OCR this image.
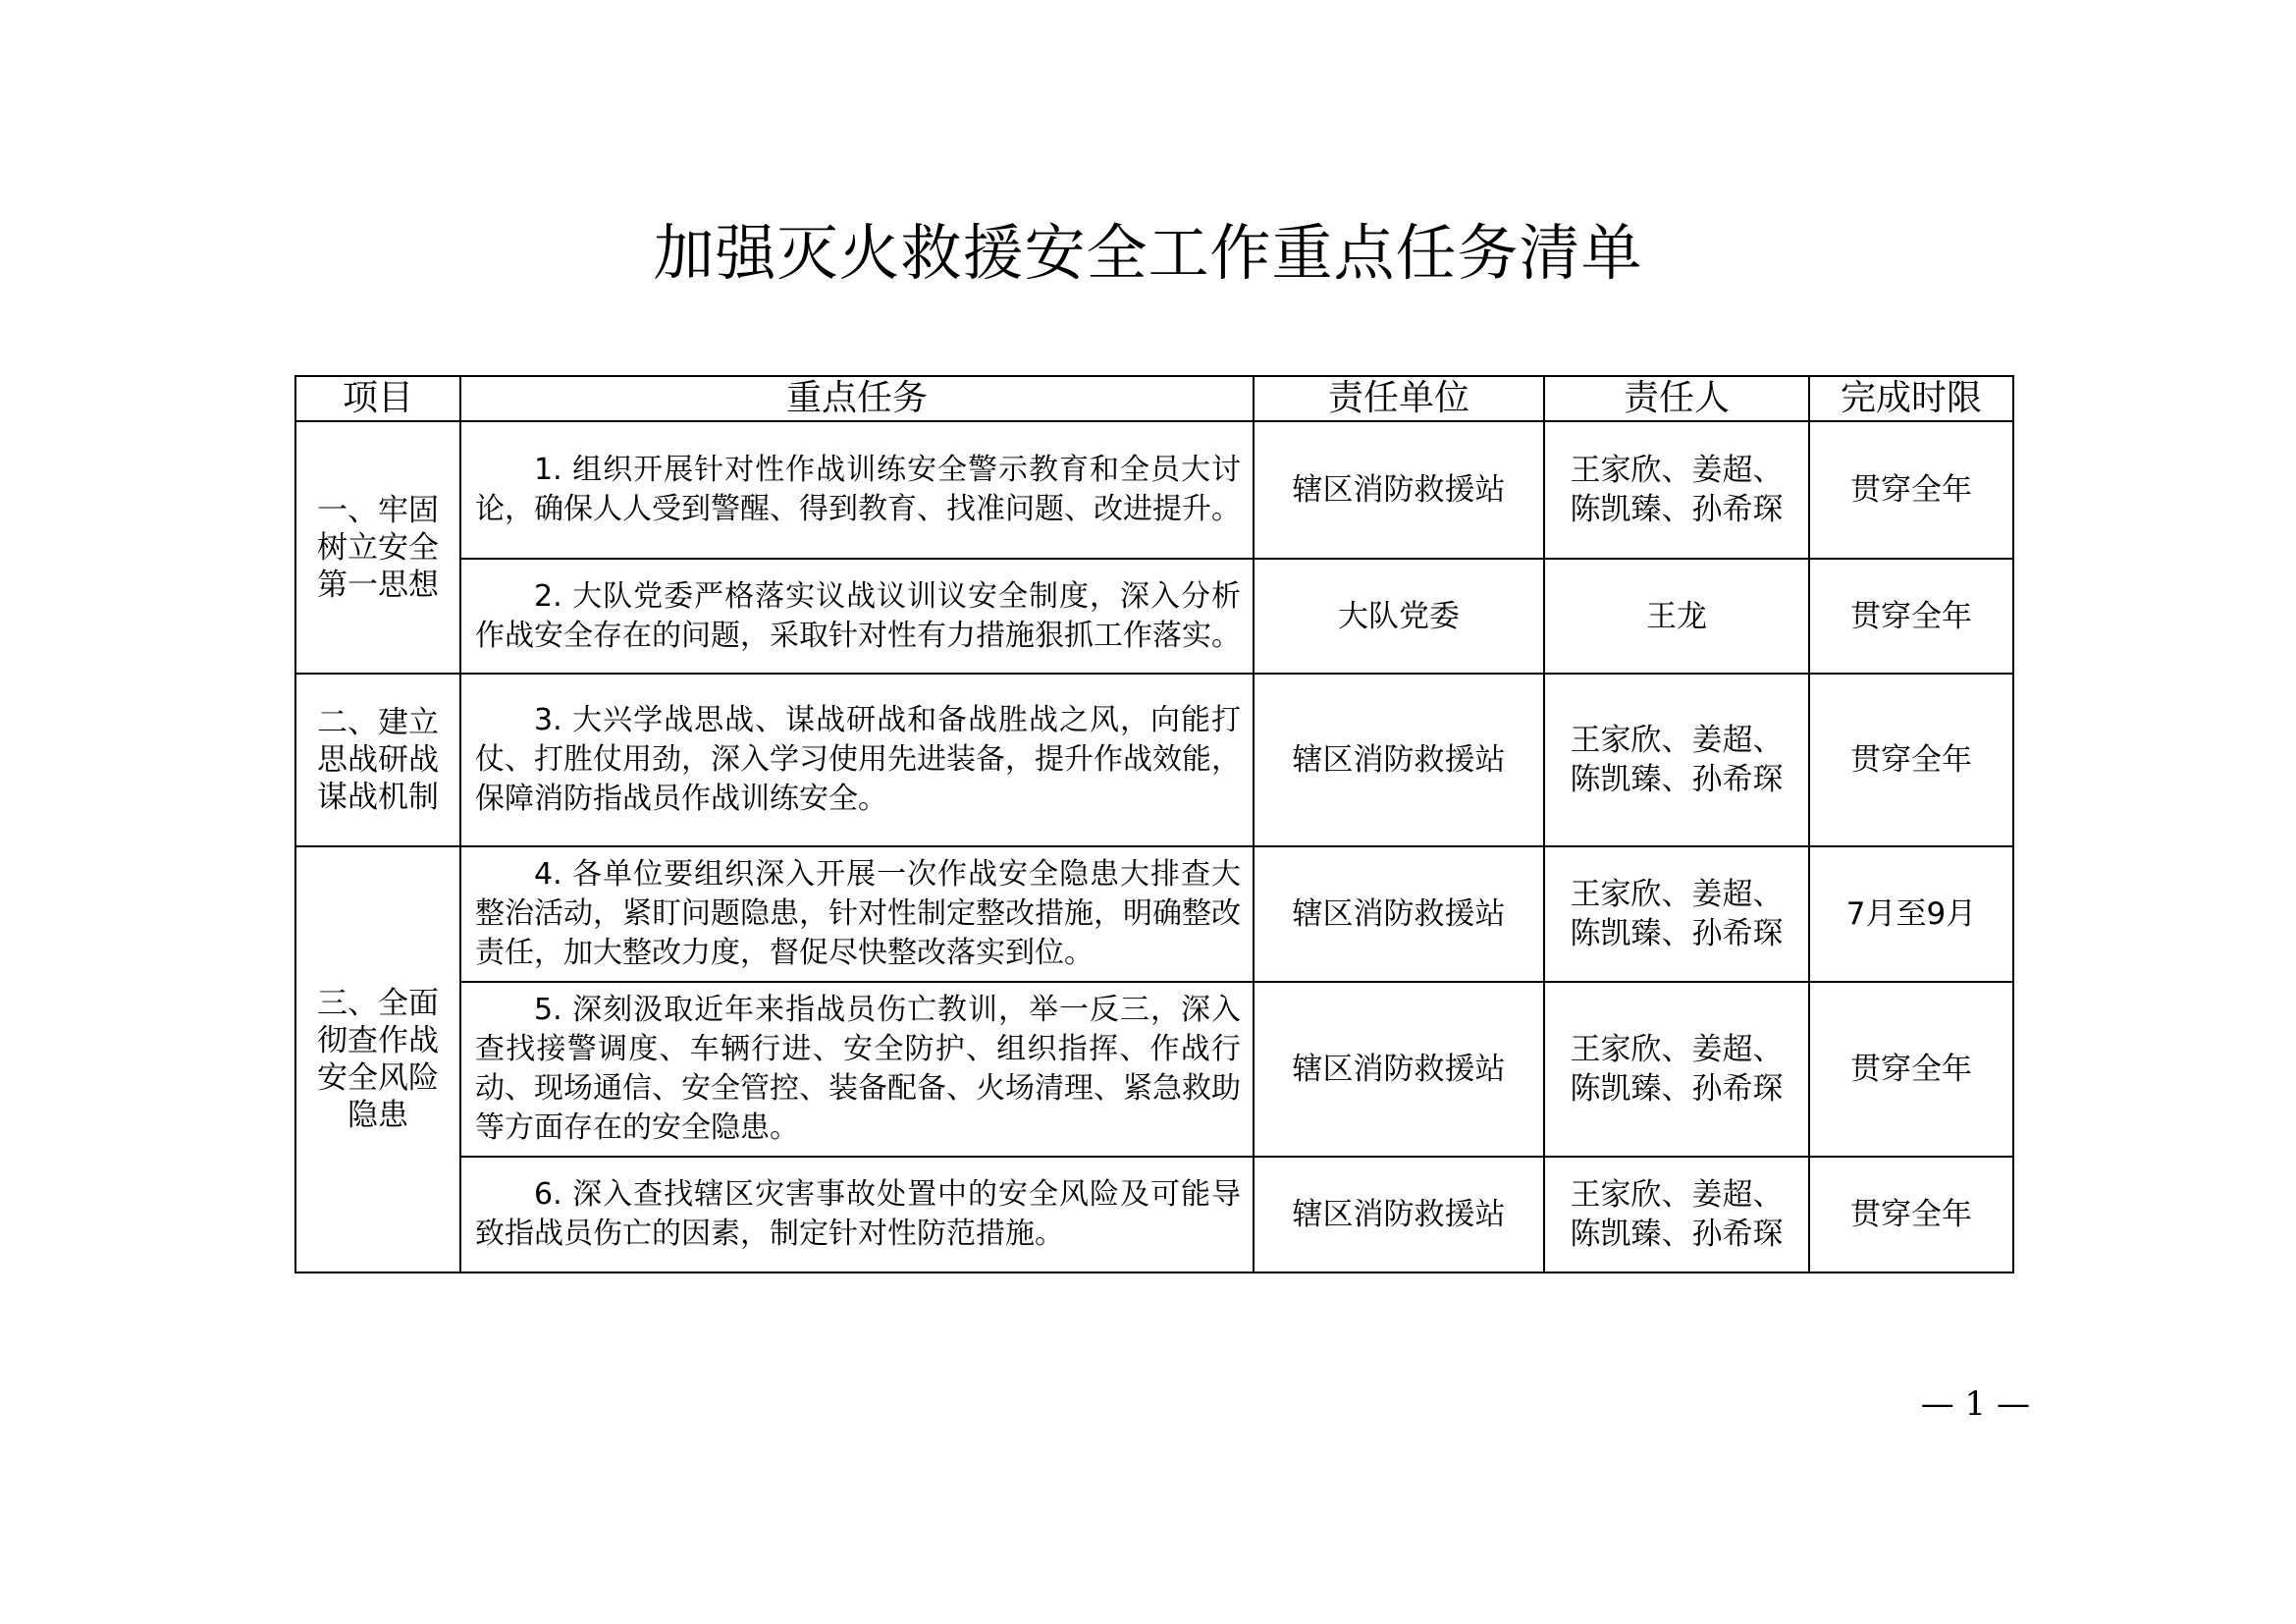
加强灭火救援安全工作重点任务清单
项目	重点任务	责任单位	责任人	完成时限
一、牢固树立安全第一思想	1. 组织开展针对性作战训练安全警示教育和全员大讨论，确保人人受到警醒、得到教育、找准问题、改进提升。	辖区消防救援站	王家欣、姜超、陈凯臻、孙希琛	贯穿全年

	2. 大队党委严格落实议战议训议安全制度，深入分析作战安全存在的问题，采取针对性有力措施狠抓工作落实。	大队党委	王龙	贯穿全年
二、建立思战研战谋战机制	3. 大兴学战思战、谋战研战和备战胜战之风，向能打仗、打胜仗用劲，深入学习使用先进装备，提升作战效能，保障消防指战员作战训练安全。	辖区消防救援站	王家欣、姜超、陈凯臻、孙希琛	贯穿全年
三、全面彻查作战安全风险隐患	4. 各单位要组织深入开展一次作战安全隐患大排查大整治活动，紧盯问题隐患，针对性制定整改措施，明确整改责任，加大整改力度，督促尽快整改落实到位。	辖区消防救援站	王家欣、姜超、陈凯臻、孙希琛	7月至9月

	5. 深刻汲取近年来指战员伤亡教训，举一反三，深入查找接警调度、车辆行进、安全防护、组织指挥、作战行动、现场通信、安全管控、装备配备、火场清理、紧急救助等方面存在的安全隐患。	辖区消防救援站	王家欣、姜超、陈凯臻、孙希琛	贯穿全年

	6. 深入查找辖区灾害事故处置中的安全风险及可能导致指战员伤亡的因素，制定针对性防范措施。	辖区消防救援站	王家欣、姜超、陈凯臻、孙希琛	贯穿全年
— 1 —
